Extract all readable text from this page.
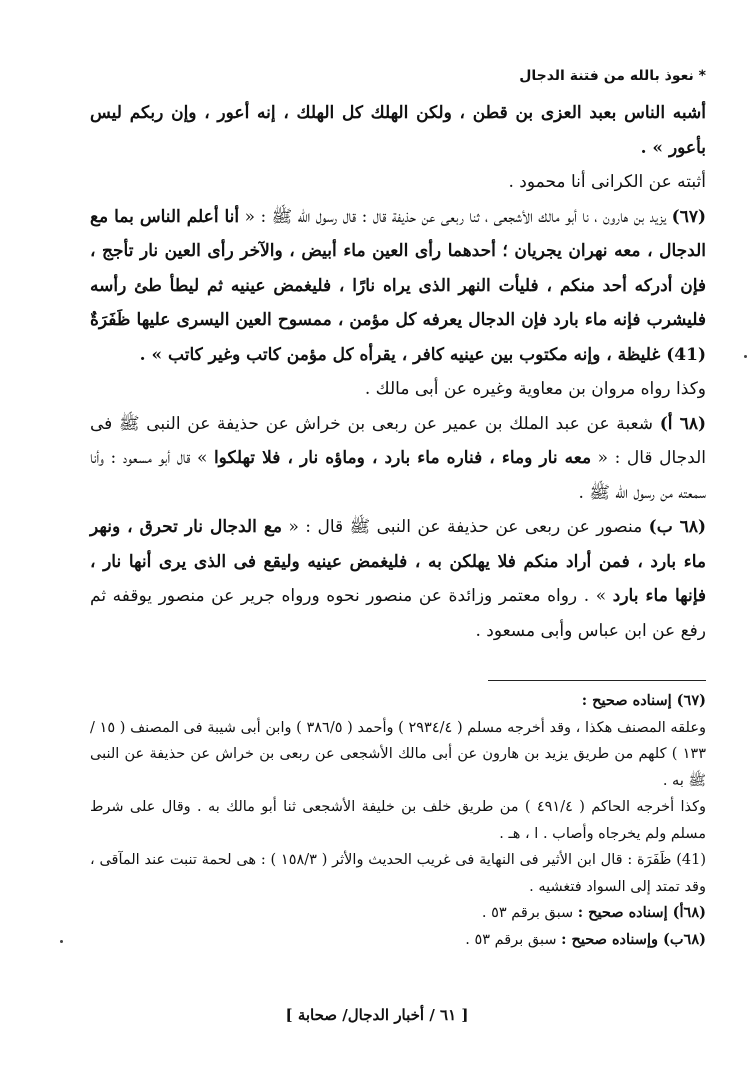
* نعوذ بالله من فتنة الدجال

أشبه الناس بعبد العزى بن قطن ، ولكن الهلك كل الهلك ، إنه أعور ، وإن ربكم ليس بأعور » .

أثبته عن الكرانى أنا محمود .

(٦٧) يزيد بن هارون ، نا أبو مالك الأشجعى ، ثنا ربعى عن حذيفة قال : قال رسول الله ﷺ : « أنا أعلم الناس بما مع الدجال ، معه نهران يجريان ؛ أحدهما رأى العين ماء أبيض ، والآخر رأى العين نار تأجج ، فإن أدركه أحد منكم ، فليأت النهر الذى يراه نارًا ، فليغمض عينيه ثم ليطأ طئ رأسه فليشرب فإنه ماء بارد فإن الدجال يعرفه كل مؤمن ، ممسوح العين اليسرى عليها ظَفَرَةٌ (41) غليظة ، وإنه مكتوب بين عينيه كافر ، يقرأه كل مؤمن كاتب وغير كاتب » .

وكذا رواه مروان بن معاوية وغيره عن أبى مالك .

(٦٨ أ) شعبة عن عبد الملك بن عمير عن ربعى بن خراش عن حذيفة عن النبى ﷺ فى الدجال قال : « معه نار وماء ، فناره ماء بارد ، وماؤه نار ، فلا تهلكوا » قال أبو مسعود : وأنا سمعته من رسول الله ﷺ .

(٦٨ ب) منصور عن ربعى عن حذيفة عن النبى ﷺ قال : « مع الدجال نار تحرق ، ونهر ماء بارد ، فمن أراد منكم فلا يهلكن به ، فليغمض عينيه وليقع فى الذى يرى أنها نار ، فإنها ماء بارد » . رواه معتمر وزائدة عن منصور نحوه ورواه جرير عن منصور يوقفه ثم رفع عن ابن عباس وأبى مسعود .

(٦٧) إسناده صحيح :

وعلقه المصنف هكذا ، وقد أخرجه مسلم ( ٢٩٣٤/٤ ) وأحمد ( ٣٨٦/٥ ) وابن أبى شيبة فى المصنف ( ١٥ / ١٣٣ ) كلهم من طريق يزيد بن هارون عن أبى مالك الأشجعى عن ربعى بن خراش عن حذيفة عن النبى ﷺ به .

وكذا أخرجه الحاكم ( ٤٩١/٤ ) من طريق خلف بن خليفة الأشجعى ثنا أبو مالك به . وقال على شرط مسلم ولم يخرجاه وأصاب . ا ، هـ .

(41) ظَفَرَة : قال ابن الأثير فى النهاية فى غريب الحديث والأثر ( ١٥٨/٣ ) : هى لحمة تنبت عند المآقى ، وقد تمتد إلى السواد فتغشيه .

(٦٨أ) إسناده صحيح : سبق برقم ٥٣ .

(٦٨ب) وإسناده صحيح : سبق برقم ٥٣ .

[ ٦١ / أخبار الدجال/ صحابة ]
